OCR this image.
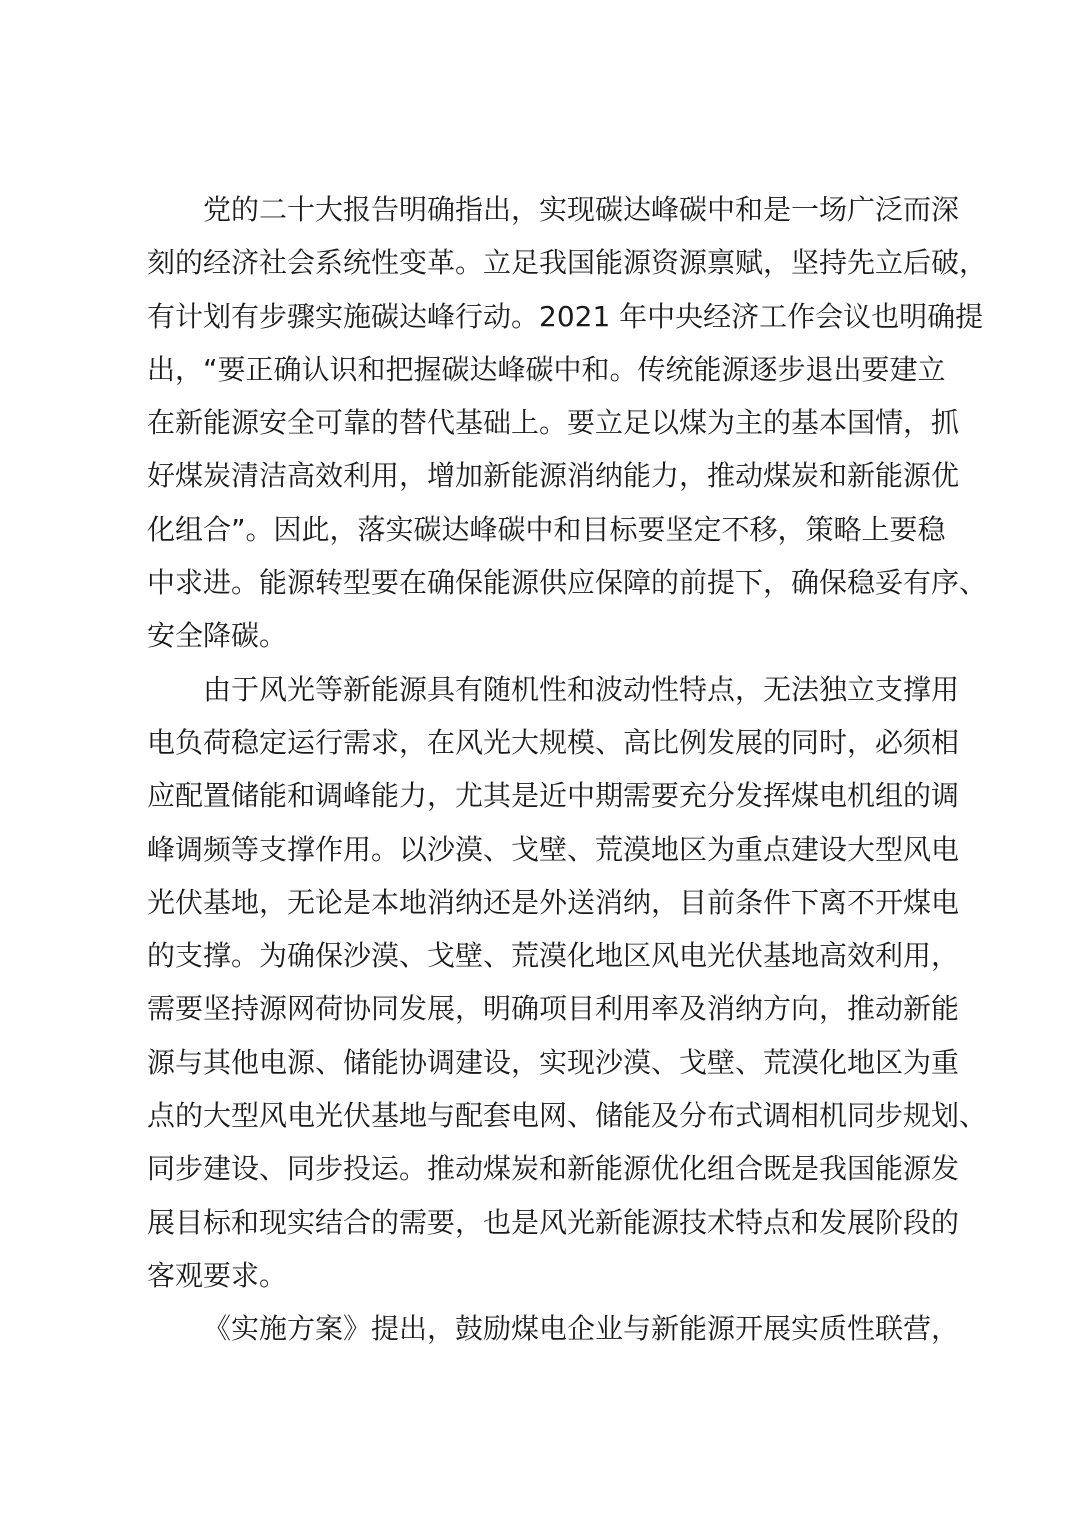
党的二十大报告明确指出，实现碳达峰碳中和是一场广泛而深
刻的经济社会系统性变革。立足我国能源资源禀赋，坚持先立后破，
有计划有步骤实施碳达峰行动。2021 年中央经济工作会议也明确提
出，“要正确认识和把握碳达峰碳中和。传统能源逐步退出要建立
在新能源安全可靠的替代基础上。要立足以煤为主的基本国情，抓
好煤炭清洁高效利用，增加新能源消纳能力，推动煤炭和新能源优
化组合”。因此，落实碳达峰碳中和目标要坚定不移，策略上要稳
中求进。能源转型要在确保能源供应保障的前提下，确保稳妥有序、
安全降碳。
由于风光等新能源具有随机性和波动性特点，无法独立支撑用
电负荷稳定运行需求，在风光大规模、高比例发展的同时，必须相
应配置储能和调峰能力，尤其是近中期需要充分发挥煤电机组的调
峰调频等支撑作用。以沙漠、戈壁、荒漠地区为重点建设大型风电
光伏基地，无论是本地消纳还是外送消纳，目前条件下离不开煤电
的支撑。为确保沙漠、戈壁、荒漠化地区风电光伏基地高效利用，
需要坚持源网荷协同发展，明确项目利用率及消纳方向，推动新能
源与其他电源、储能协调建设，实现沙漠、戈壁、荒漠化地区为重
点的大型风电光伏基地与配套电网、储能及分布式调相机同步规划、
同步建设、同步投运。推动煤炭和新能源优化组合既是我国能源发
展目标和现实结合的需要，也是风光新能源技术特点和发展阶段的
客观要求。
《实施方案》提出，鼓励煤电企业与新能源开展实质性联营，
